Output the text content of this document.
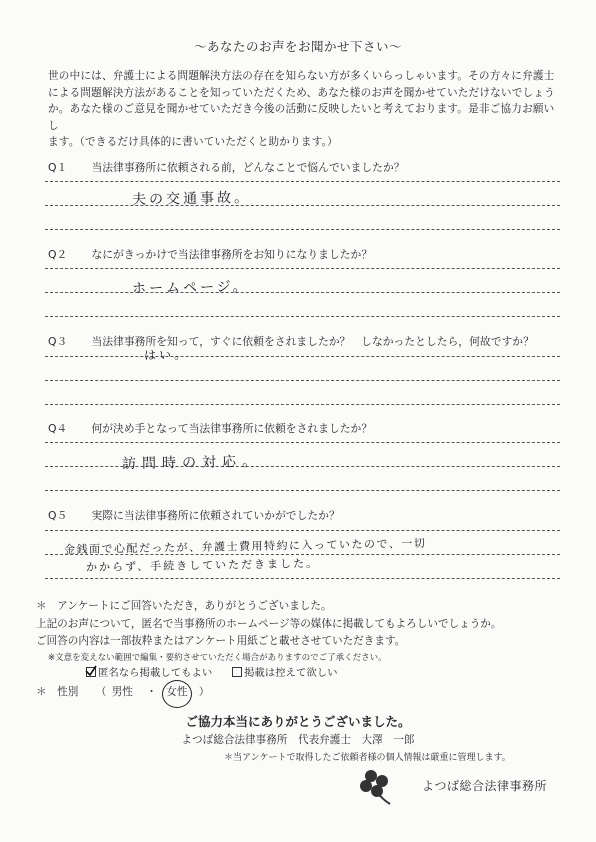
～あなたのお声をお聞かせ下さい～
世の中には、弁護士による問題解決方法の存在を知らない方が多くいらっしゃいます。その方々に弁護士
による問題解決方法があることを知っていただくため、あなた様のお声を聞かせていただけないでしょう
か。あなた様のご意見を聞かせていただき今後の活動に反映したいと考えております。是非ご協力お願いし
ます。（できるだけ具体的に書いていただくと助かります。）
Q１ 当法律事務所に依頼される前，どんなことで悩んでいましたか？
夫の交通事故。
Q２ なにがきっかけで当法律事務所をお知りになりましたか？
ホームページ。
Q３ 当法律事務所を知って，すぐに依頼をされましたか？　しなかったとしたら，何故ですか？
はい。
Q４ 何が決め手となって当法律事務所に依頼をされましたか？
訪問時の対応。
Q５ 実際に当法律事務所に依頼されていかがでしたか？
金銭面で心配だったが、弁護士費用特約に入っていたので、一切
かからず、手続きしていただきました。
＊　アンケートにご回答いただき，ありがとうございました。
上記のお声について，匿名で当事務所のホームページ等の媒体に掲載してもよろしいでしょうか。
ご回答の内容は一部抜粋またはアンケート用紙ごと載せさせていただきます。
※文意を変えない範囲で編集・要約させていただく場合がありますのでご了承ください。
匿名なら掲載してもよい	掲載は控えて欲しい
＊　性別 （ 男性 ・ 女性 ）
ご協力本当にありがとうございました。
よつば総合法律事務所　代表弁護士　大澤　一郎
＊当アンケートで取得したご依頼者様の個人情報は厳重に管理します。
よつば総合法律事務所
